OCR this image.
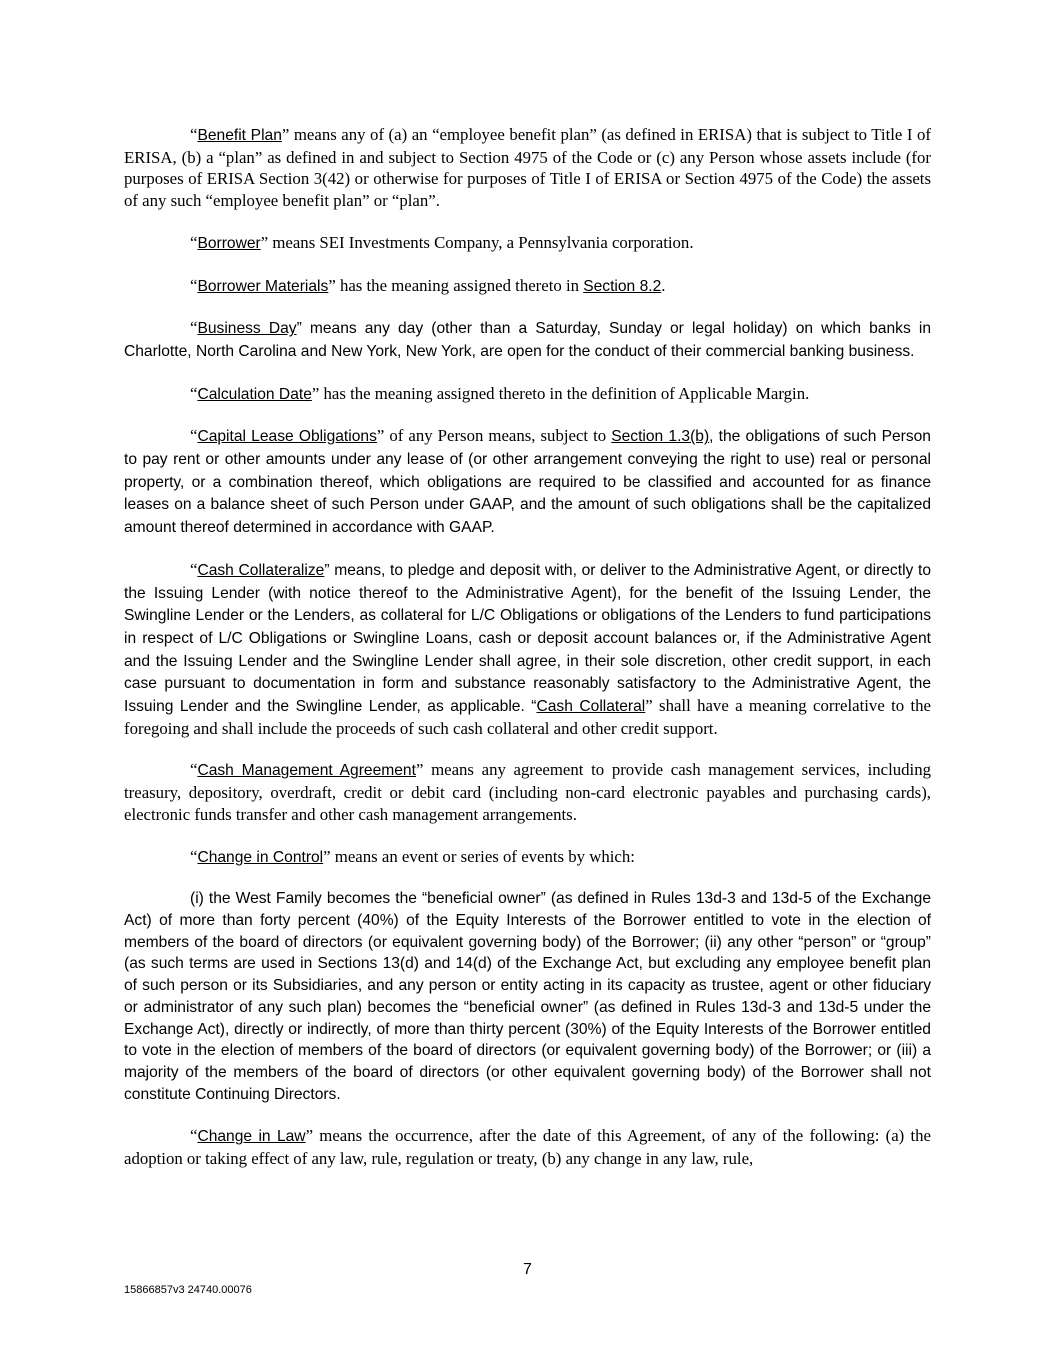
“Benefit Plan” means any of (a) an “employee benefit plan” (as defined in ERISA) that is subject to Title I of ERISA, (b) a “plan” as defined in and subject to Section 4975 of the Code or (c) any Person whose assets include (for purposes of ERISA Section 3(42) or otherwise for purposes of Title I of ERISA or Section 4975 of the Code) the assets of any such “employee benefit plan” or “plan”.

“Borrower” means SEI Investments Company, a Pennsylvania corporation.

“Borrower Materials” has the meaning assigned thereto in Section 8.2.

“Business Day” means any day (other than a Saturday, Sunday or legal holiday) on which banks in Charlotte, North Carolina and New York, New York, are open for the conduct of their commercial banking business.

“Calculation Date” has the meaning assigned thereto in the definition of Applicable Margin.

“Capital Lease Obligations” of any Person means, subject to Section 1.3(b), the obligations of such Person to pay rent or other amounts under any lease of (or other arrangement conveying the right to use) real or personal property, or a combination thereof, which obligations are required to be classified and accounted for as finance leases on a balance sheet of such Person under GAAP, and the amount of such obligations shall be the capitalized amount thereof determined in accordance with GAAP.

“Cash Collateralize” means, to pledge and deposit with, or deliver to the Administrative Agent, or directly to the Issuing Lender (with notice thereof to the Administrative Agent), for the benefit of the Issuing Lender, the Swingline Lender or the Lenders, as collateral for L/C Obligations or obligations of the Lenders to fund participations in respect of L/C Obligations or Swingline Loans, cash or deposit account balances or, if the Administrative Agent and the Issuing Lender and the Swingline Lender shall agree, in their sole discretion, other credit support, in each case pursuant to documentation in form and substance reasonably satisfactory to the Administrative Agent, the Issuing Lender and the Swingline Lender, as applicable. “Cash Collateral” shall have a meaning correlative to the foregoing and shall include the proceeds of such cash collateral and other credit support.

“Cash Management Agreement” means any agreement to provide cash management services, including treasury, depository, overdraft, credit or debit card (including non-card electronic payables and purchasing cards), electronic funds transfer and other cash management arrangements.

“Change in Control” means an event or series of events by which:

(i) the West Family becomes the “beneficial owner” (as defined in Rules 13d-3 and 13d-5 of the Exchange Act) of more than forty percent (40%) of the Equity Interests of the Borrower entitled to vote in the election of members of the board of directors (or equivalent governing body) of the Borrower; (ii) any other “person” or “group” (as such terms are used in Sections 13(d) and 14(d) of the Exchange Act, but excluding any employee benefit plan of such person or its Subsidiaries, and any person or entity acting in its capacity as trustee, agent or other fiduciary or administrator of any such plan) becomes the “beneficial owner” (as defined in Rules 13d-3 and 13d-5 under the Exchange Act), directly or indirectly, of more than thirty percent (30%) of the Equity Interests of the Borrower entitled to vote in the election of members of the board of directors (or equivalent governing body) of the Borrower; or (iii) a majority of the members of the board of directors (or other equivalent governing body) of the Borrower shall not constitute Continuing Directors.

“Change in Law” means the occurrence, after the date of this Agreement, of any of the following: (a) the adoption or taking effect of any law, rule, regulation or treaty, (b) any change in any law, rule,

7
15866857v3 24740.00076
